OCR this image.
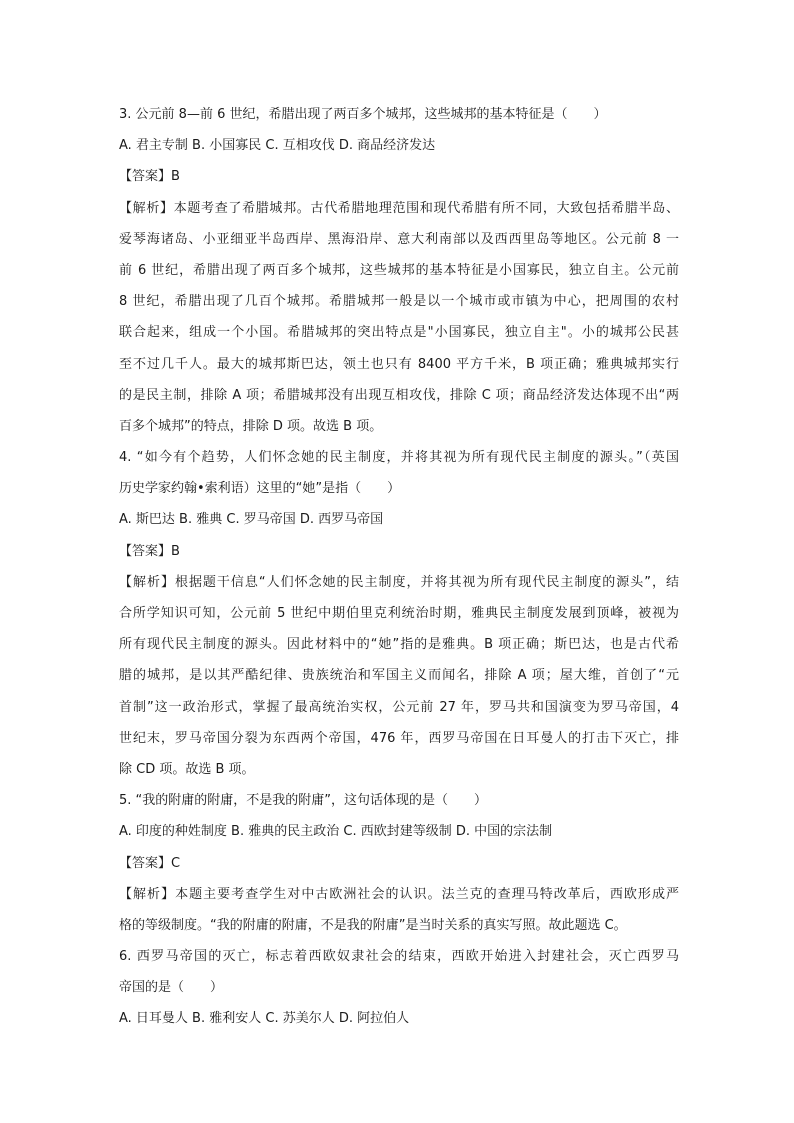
3. 公元前 8—前 6 世纪，希腊出现了两百多个城邦，这些城邦的基本特征是（　　）
A. 君主专制 B. 小国寡民 C. 互相攻伐 D. 商品经济发达
【答案】B
【解析】本题考查了希腊城邦。古代希腊地理范围和现代希腊有所不同，大致包括希腊半岛、
爱琴海诸岛、小亚细亚半岛西岸、黑海沿岸、意大利南部以及西西里岛等地区。公元前 8 一
前 6 世纪，希腊出现了两百多个城邦，这些城邦的基本特征是小国寡民，独立自主。公元前
8 世纪，希腊出现了几百个城邦。希腊城邦一般是以一个城市或市镇为中心，把周围的农村
联合起来，组成一个小国。希腊城邦的突出特点是"小国寡民，独立自主"。小的城邦公民甚
至不过几千人。最大的城邦斯巴达，领土也只有 8400 平方千米，B 项正确；雅典城邦实行
的是民主制，排除 A 项；希腊城邦没有出现互相攻伐，排除 C 项；商品经济发达体现不出“两
百多个城邦”的特点，排除 D 项。故选 B 项。
4. “如今有个趋势，人们怀念她的民主制度，并将其视为所有现代民主制度的源头。”（英国
历史学家约翰•索利语）这里的“她”是指（　　）
A. 斯巴达 B. 雅典 C. 罗马帝国 D. 西罗马帝国
【答案】B
【解析】根据题干信息“人们怀念她的民主制度，并将其视为所有现代民主制度的源头”，结
合所学知识可知，公元前 5 世纪中期伯里克利统治时期，雅典民主制度发展到顶峰，被视为
所有现代民主制度的源头。因此材料中的“她”指的是雅典。B 项正确；斯巴达，也是古代希
腊的城邦，是以其严酷纪律、贵族统治和军国主义而闻名，排除 A 项；屋大维，首创了“元
首制”这一政治形式，掌握了最高统治实权，公元前 27 年，罗马共和国演变为罗马帝国，4
世纪末，罗马帝国分裂为东西两个帝国，476 年，西罗马帝国在日耳曼人的打击下灭亡，排
除 CD 项。故选 B 项。
5. “我的附庸的附庸，不是我的附庸”，这句话体现的是（　　）
A. 印度的种姓制度 B. 雅典的民主政治 C. 西欧封建等级制 D. 中国的宗法制
【答案】C
【解析】本题主要考查学生对中古欧洲社会的认识。法兰克的查理马特改革后，西欧形成严
格的等级制度。“我的附庸的附庸，不是我的附庸”是当时关系的真实写照。故此题选 C。
6. 西罗马帝国的灭亡，标志着西欧奴隶社会的结束，西欧开始进入封建社会，灭亡西罗马
帝国的是（　　）
A. 日耳曼人 B. 雅利安人 C. 苏美尔人 D. 阿拉伯人
